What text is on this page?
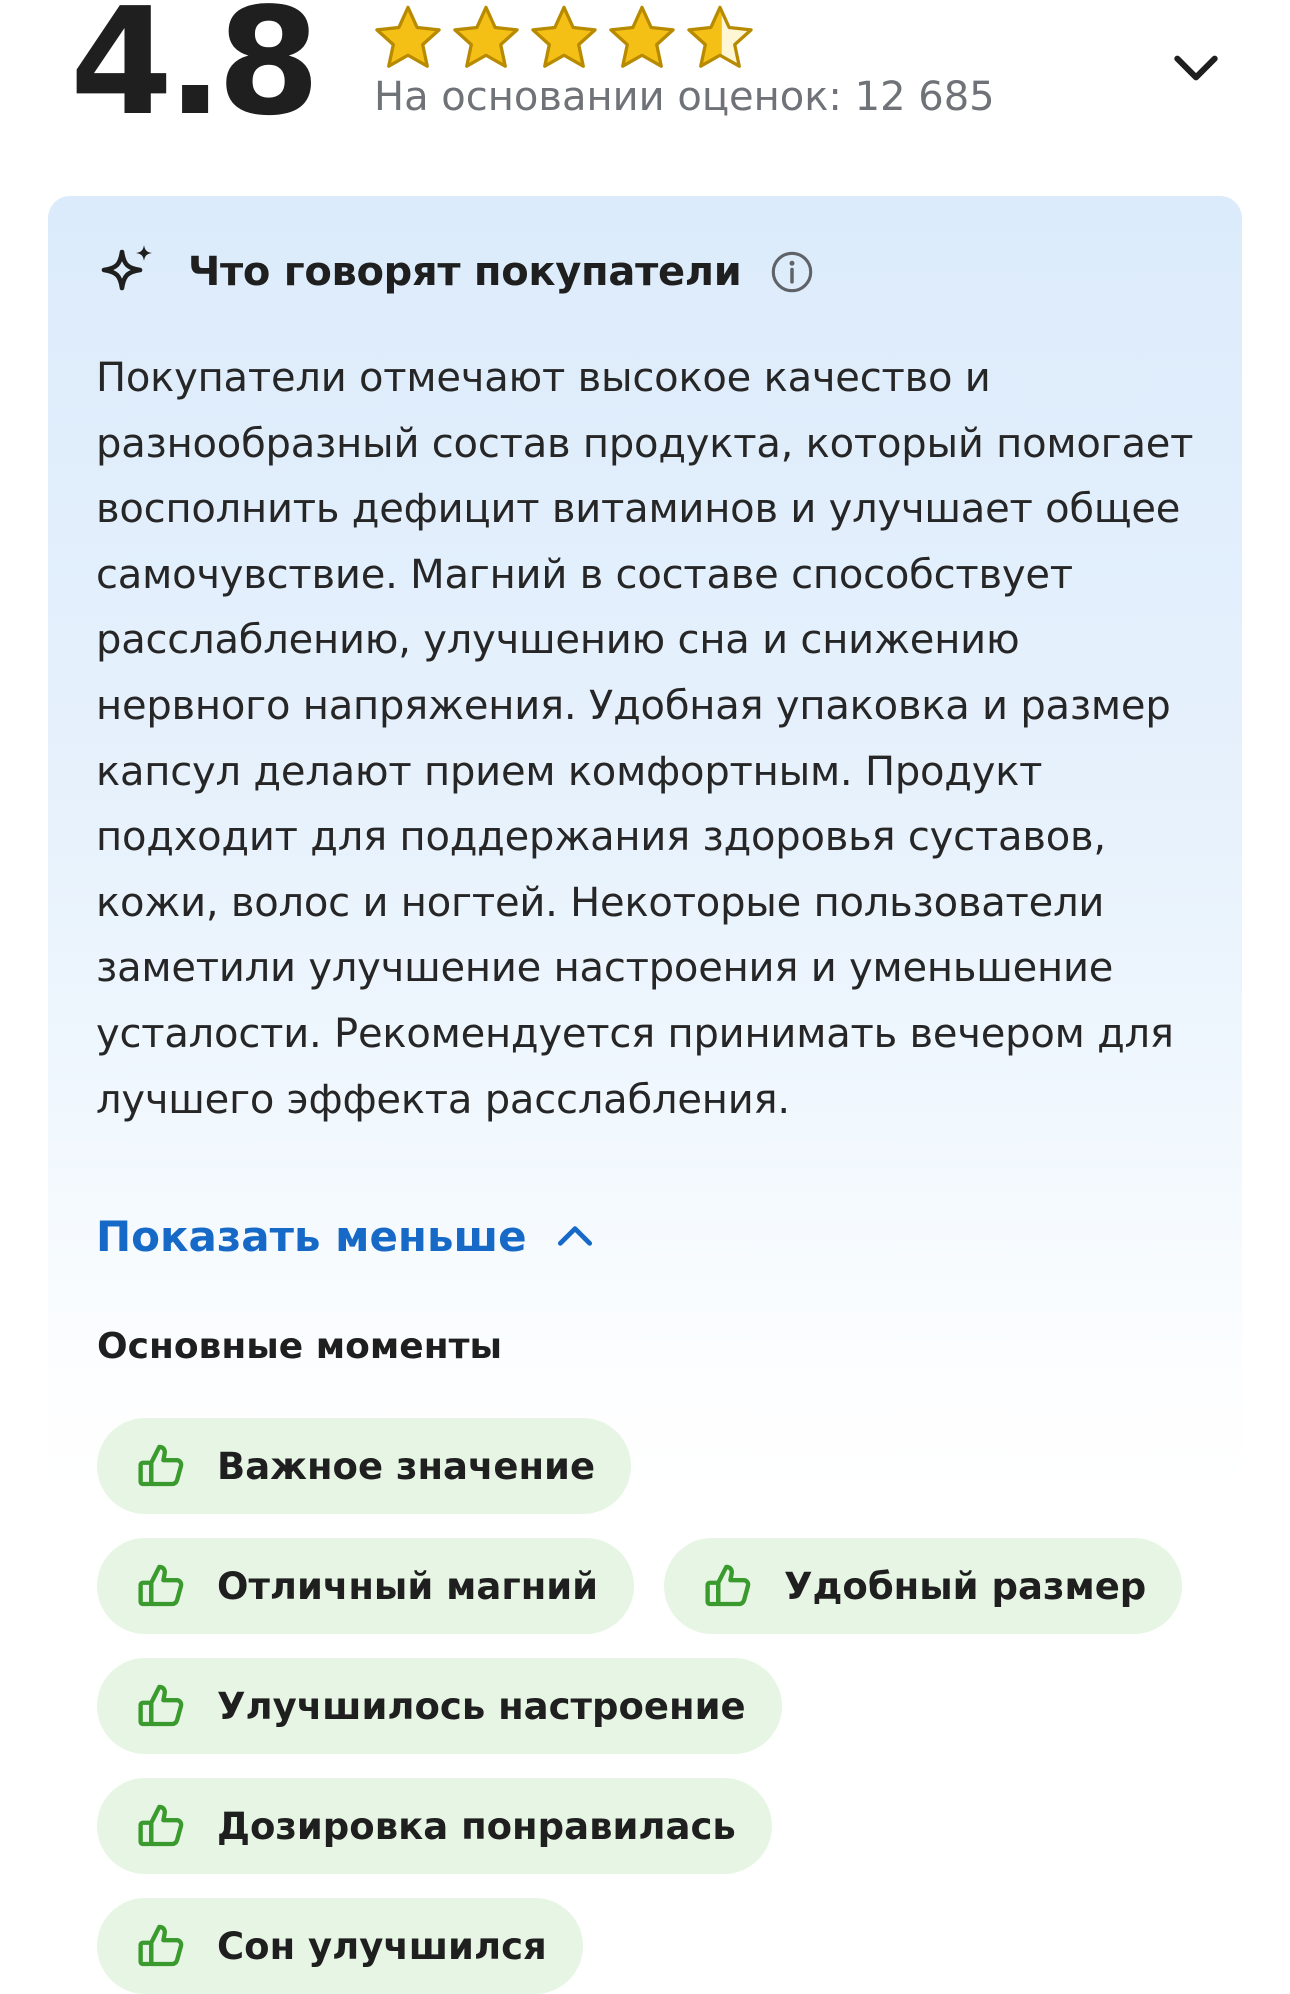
4.8 На основании оценок: 12 685
Что говорят покупатели
Покупатели отмечают высокое качество и разнообразный состав продукта, который помогает восполнить дефицит витаминов и улучшает общее самочувствие. Магний в составе способствует расслаблению, улучшению сна и снижению нервного напряжения. Удобная упаковка и размер капсул делают прием комфортным. Продукт подходит для поддержания здоровья суставов, кожи, волос и ногтей. Некоторые пользователи заметили улучшение настроения и уменьшение усталости. Рекомендуется принимать вечером для лучшего эффекта расслабления.
Показать меньше
Основные моменты
Важное значение
Отличный магний	Удобный размер
Улучшилось настроение
Дозировка понравилась
Сон улучшился
